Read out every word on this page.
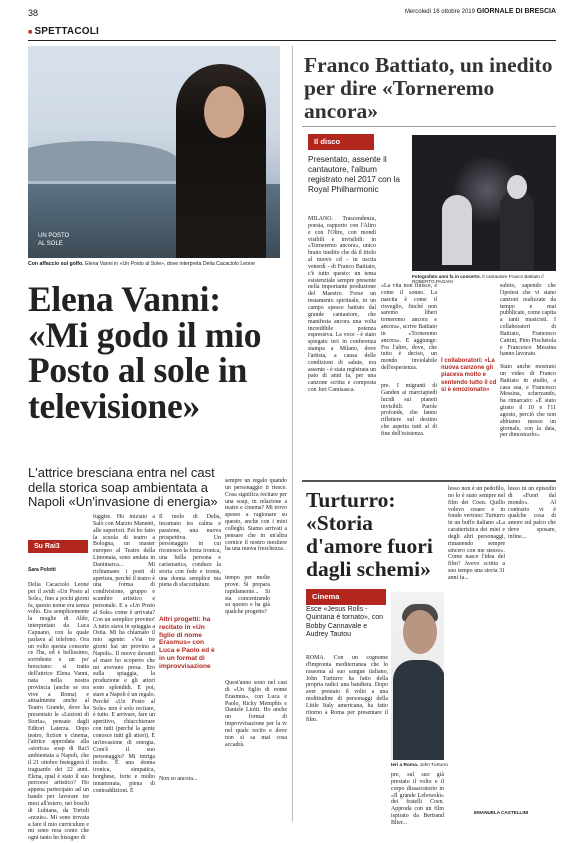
38	Mercoledì 16 ottobre 2019 GIORNALE DI BRESCIA
■ SPETTACOLI
UN POSTO
AL SOLE
Con affaccio sul golfo. Elena Vanni in «Un Posto al Sole», dove interpreta Delia Cacaciolo Leone
Elena Vanni: «Mi godo il mio Posto al sole in televisione»
L'attrice bresciana entra nel cast della storica soap ambientata a Napoli «Un'invasione di energia»
Su Rai3
Sara Polotti
Delia Cacaciolo Leone per il avidi «Un Posto al Sole», fino a pochi giorni fa, questo nome era senza volto. Era semplicemente la moglie di Aldo, interpretato da Luca Capuano, con la quale parlava al telefono. Ora un volto questa consorte ce l'ha, ed è bellissimo, sorridente e un po' bresciano: si tratta dell'attrice Elena Vanni, nata nella nostra provincia (anche se ora vive a Roma) e attualmente anche al Teatro Grande, dove ha presentato le «Lezioni di Storia», pensate dagli Editori Laterza. Dopo teatro, fiction e cinema, l'attrice approdata alla «storica» soap di Rai3 ambientata a Napoli, che il 21 ottobre festeggerà il traguardo dei 22 anni. Elena, qual è stato il suo percorso artistico? Ho appena partecipato ad un bando per lavorare tre mesi all'estero, nei boschi di Lubiana, da Tortoli «nozie». Mi sono trovata a fare il mio curriculum e mi sono resa conto che ogni tanto ho bisogno di
fuggire. Ho iniziato a Salò con Marzio Manenti, alle superiori. Poi ho fatto la scuola di teatro a Bologna, un master europeo al Teatro della Limonaia, sono andata in Danimarca... Mi richiamano i posti di apertura, perché il teatro è una forma di condivisione, gruppo e scambio artistico e personale. E a «Un Posto al Sole» come è arrivata? Con un semplice provino! A tutto stava in spiaggia a Ostia. Mi ha chiamato il mio agente: «Vai tre giorni hai un provino a Napoli». Il nuovo davanti al mare ho scoperto che mi avevano presa. Ero sulla spiaggia, la produzione e gli attori sono splendidi. E poi, stare a Napoli è un regalo. Perché «Un Posto al Sole» non è solo recitare, è tutto. E arrivare, fare un aperitivo, chiacchierare con tutti (perché la gente conosce tutti gli attori). È un'invasione di energia. Com'è il suo personaggio? Mi intriga molto. È una donna ironica, simpatica, borghese, forte e molto innamorata, piena di contraddizioni. È
Il ruolo di Delia, incarnato tra calma e passione, una nuova prospettiva. Un personaggio in cui riconosco la forza ironica, una bella persona e carismatica, conduce la storia con fede e ironia, una donna semplice ma piena di sfaccettature.
Altri progetti: ha recitato in «Un figlio di nome Erasmus» con Luca e Paolo ed è in un format di improvvisazione
Non so ancora...
sempre un regalo quando un personaggio ti riesce. Cosa significa recitare per una soap, in relazione a teatro e cinema? Mi trovo spesso a ragionare su questo, anche con i miei colleghi. Siamo arrivati a pensare che in un'altra cornice il nostro mestiere ha una nuova freschezza.
tempo per molte prove. Si prepara rapidamente... Si sta concentrando su questo e ha già qualche progetto?
Quest'anno sono nel cast di «Un figlio di nome Erasmus», con Luca e Paolo, Ricky Memphis e Daniele Liotti. Ho anche un format di improvvisazione per la tv nel quale recito e dove non si sa mai cosa accadrà.
Franco Battiato, un inedito per dire «Torneremo ancora»
Il disco
Presentato, assente il cantautore, l'album registrato nel 2017 con la Royal Philharmonic
Fotografato anni fa in concerto. Il cantautore Franco Battiato // ROBERTO PAGANI
MILANO. Trascendenza, poesia, rapporto con l'Altro e con l'Oltre, con mondi visibili e invisibili: in «Torneremo ancora», unico brano inedito che dà il titolo al nuovo cd - in uscita venerdì - di Franco Battiato, c'è tutto questo: un tema esistenziale sempre presente nella importante produzione del Maestro. Forse un testamento spirituale, in un campo spesso battuto dal grande cantautore, che manifesta ancora una volta incredibile potenza espressiva. La voce - è stato spiegato ieri in conferenza stampa a Milano, dove l'artista, a causa delle condizioni di salute, era assente - è stata registrata un paio di anni fa, per una canzone scritta e composta con Juri Camisasca.
«La vita non finisce, è come il sonno. La nascita è come il risveglio, finché non saremo liberi torneremo ancora e ancora», scrive Battiato in «Torneremo ancora». E aggiunge: Fra l'altro, dove, che tutto è deciso, un mondo inviolabile dell'esperienza.
pre. I migranti di Ganden ai marciapiedi lucidi sui pianeti invisibili. Parole profonde, che fanno riflettere sul destino che aspetta tutti al di fine dell'esistenza.
I collaboratori: «La nuova canzone gli piaceva molto e sentendo tutto il cd si è emozionato»
subito, sapendo che l'ipotesi che vi siano canzoni realizzate da tempo e mai pubblicate, come capita a tanti musicisti. I collaboratori di Battiato, Francesco Cattini, Pino Pischetola e Francesco Messina hanno lavorato.
Stato anche mostrato un video di Franco Battiato in studio, a casa sua, e Francesco Messina, scherzando, ha rimarcato: «È stato girato il 10 e l'11 agosto, perciò che non abbiamo messo un giornale, con la data, per dimostrarlo».
Turturro: «Storia d'amore fuori dagli schemi»
Cinema
Esce «Jesus Rolls - Quintana è tornato», con Bobby Cannavale e Audrey Tautou
Ieri a Roma. John Turturro
ROMA. Con un cognome d'impronta mediterranea che lo rassoma al suo sangue italiano, John Turturro ha fatto della propria radici una bandiera. Dopo aver prestato il volto a una moltitudine di personaggi della Little Italy americana, ha fatto ritorno a Roma per presentare il film.
pre, sul suo già prestato il volto e il corpo dissacratorio in «Il grande Lebowski» dei fratelli Coen. Approda con un film ispirato da Bertrand Blier...
lesso non è un pedofilo, no lo è stato sempre nel film dei Coen. Quillo volevo creare e in fondo vertono: Turturro in un buffo italiano «La caratteristica dei miei e degli altri personaggi, rimanendo sempre sincero con me stesso». Come nasce l'idea del film? Avevo scritto a suo tempo una storia 31 anni fa...
lesso in un episodio di «Fuori dal mondo». Al contrario vi è qualche cosa di amore sul palco che deve sposare, infine...
EMANUELA CASTELLINI
